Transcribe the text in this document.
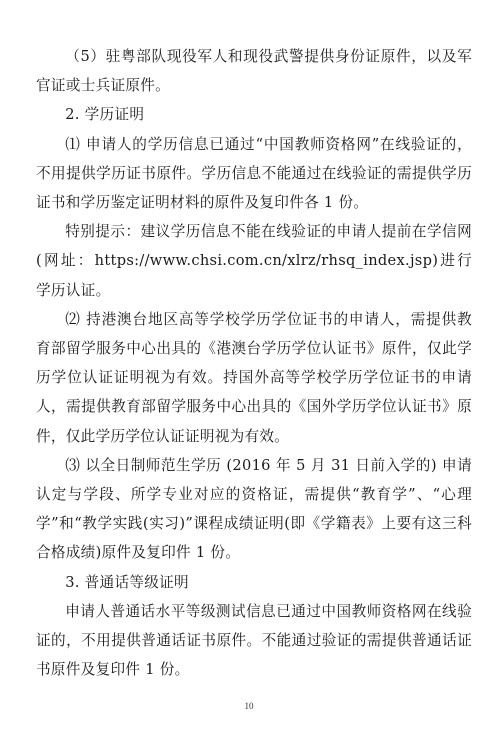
（5）驻粤部队现役军人和现役武警提供身份证原件，以及军官证或士兵证原件。

2. 学历证明

⑴ 申请人的学历信息已通过“中国教师资格网”在线验证的，不用提供学历证书原件。学历信息不能通过在线验证的需提供学历证书和学历鉴定证明材料的原件及复印件各 1 份。

特别提示：建议学历信息不能在线验证的申请人提前在学信网(网址：https://www.chsi.com.cn/xlrz/rhsq_index.jsp)进行学历认证。

⑵ 持港澳台地区高等学校学历学位证书的申请人，需提供教育部留学服务中心出具的《港澳台学历学位认证书》原件，仅此学历学位认证证明视为有效。持国外高等学校学历学位证书的申请人，需提供教育部留学服务中心出具的《国外学历学位认证书》原件，仅此学历学位认证证明视为有效。

⑶ 以全日制师范生学历 (2016 年 5 月 31 日前入学的) 申请认定与学段、所学专业对应的资格证，需提供“教育学”、“心理学”和“教学实践(实习)”课程成绩证明(即《学籍表》上要有这三科合格成绩)原件及复印件 1 份。

3. 普通话等级证明

申请人普通话水平等级测试信息已通过中国教师资格网在线验证的，不用提供普通话证书原件。不能通过验证的需提供普通话证书原件及复印件 1 份。

10
